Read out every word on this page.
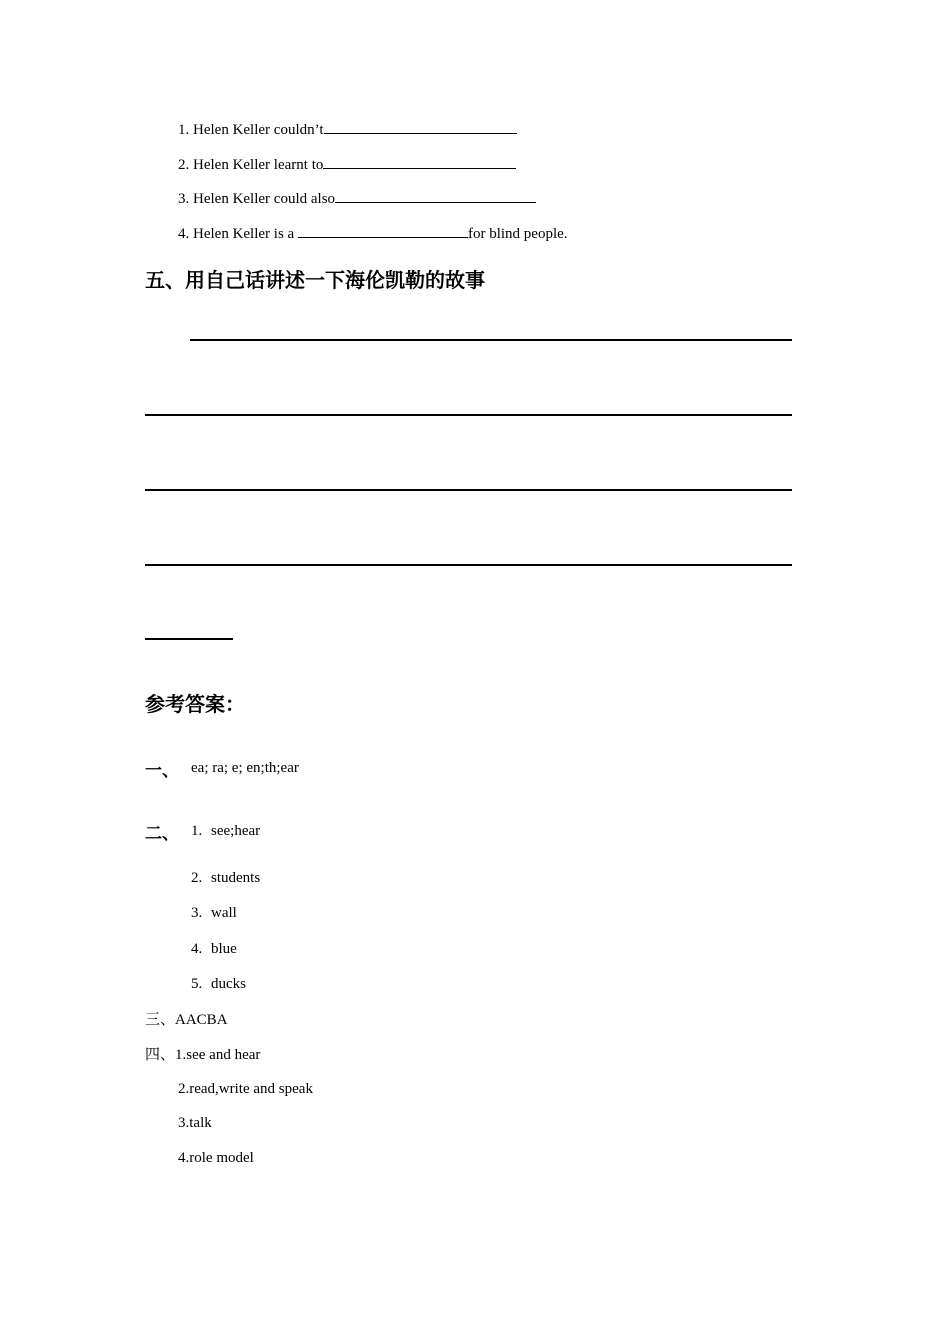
1. Helen Keller couldn’t
2. Helen Keller learnt to
3. Helen Keller could also
4. Helen Keller is a	for blind people.
五、用自己话讲述一下海伦凯勒的故事
参考答案：
一、 ea; ra; e; en;th;ear
二、 1. see;hear
2. students
3. wall
4. blue
5. ducks
三、AACBA
四、1.see and hear
2.read,write and speak
3.talk
4.role model
